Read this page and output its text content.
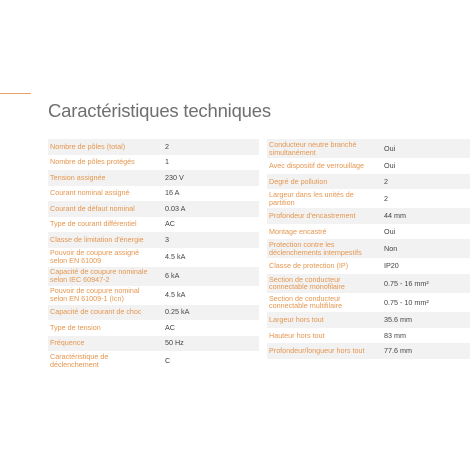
Caractéristiques techniques
Nombre de pôles (total)	2
Nombre de pôles protégés	1
Tension assignée	230 V
Courant nominal assigné	16 A
Courant de défaut nominal	0.03 A
Type de courant différentiel	AC
Classe de limitation d'énergie	3
Pouvoir de coupure assigné selon EN 61009	4.5 kA
Capacité de coupure nominale selon IEC 60947-2	6 kA
Pouvoir de coupure nominal selon EN 61009-1 (Icn)	4.5 kA
Capacité de courant de choc	0.25 kA
Type de tension	AC
Fréquence	50 Hz
Caractéristique de déclenchement	C
Conducteur neutre branché simultanément	Oui
Avec dispositif de verrouillage	Oui
Degré de pollution	2
Largeur dans les unités de partition	2
Profondeur d'encastrement	44 mm
Montage encastré	Oui
Protection contre les déclenchements intempestifs	Non
Classe de protection (IP)	IP20
Section de conducteur connectable monofilaire	0.75 - 16 mm²
Section de conducteur connectable multifilaire	0.75 - 10 mm²
Largeur hors tout	35.6 mm
Hauteur hors tout	83 mm
Profondeur/longueur hors tout	77.6 mm
